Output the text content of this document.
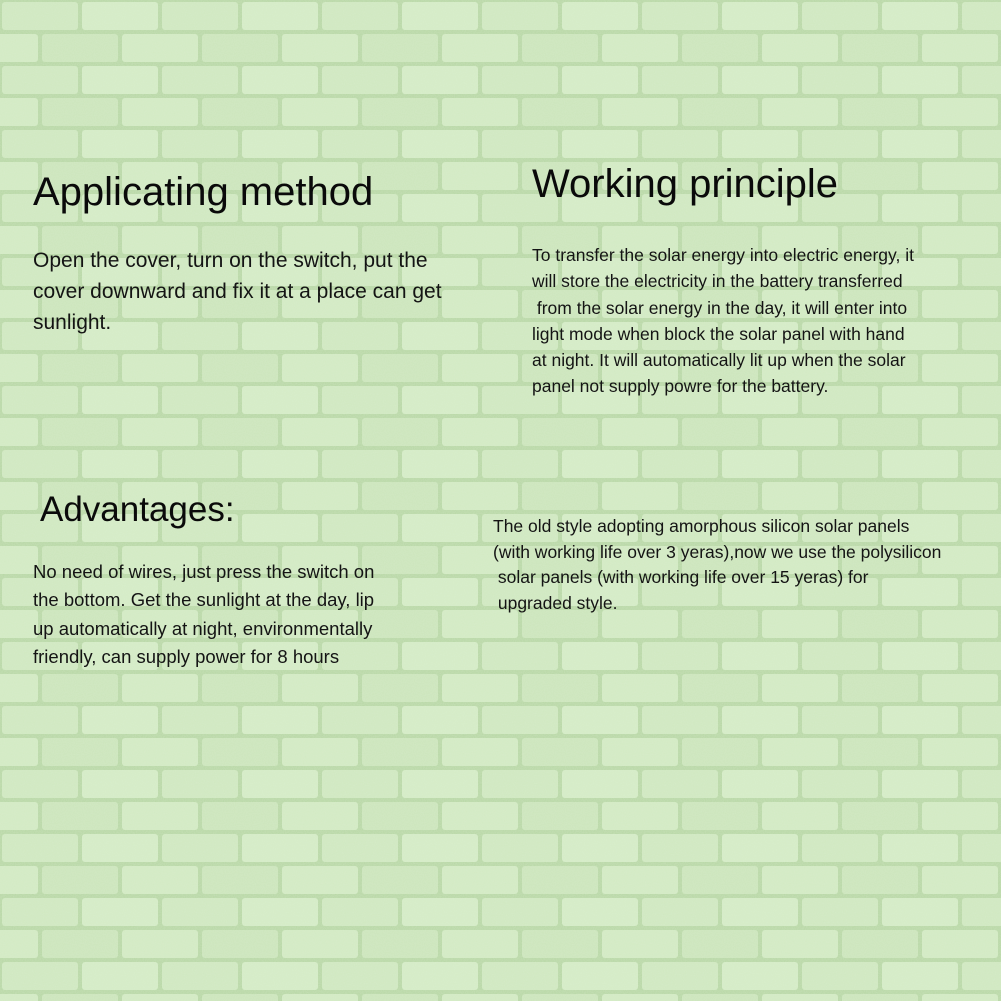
Applicating method
Open the cover, turn on the switch, put the
cover downward and fix it at a place can get
sunlight.
Working principle
To transfer the solar energy into electric energy, it
will store the electricity in the battery transferred
from the solar energy in the day, it will enter into
light mode when block the solar panel with hand
at night. It will automatically lit up when the solar
panel not supply powre for the battery.
Advantages:
No need of wires, just press the switch on
the bottom. Get the sunlight at the day, lip
up automatically at night, environmentally
friendly, can supply power for 8 hours
The old style adopting amorphous silicon solar panels
(with working life over 3 yeras),now we use the polysilicon
solar panels (with working life over 15 yeras) for
upgraded style.
